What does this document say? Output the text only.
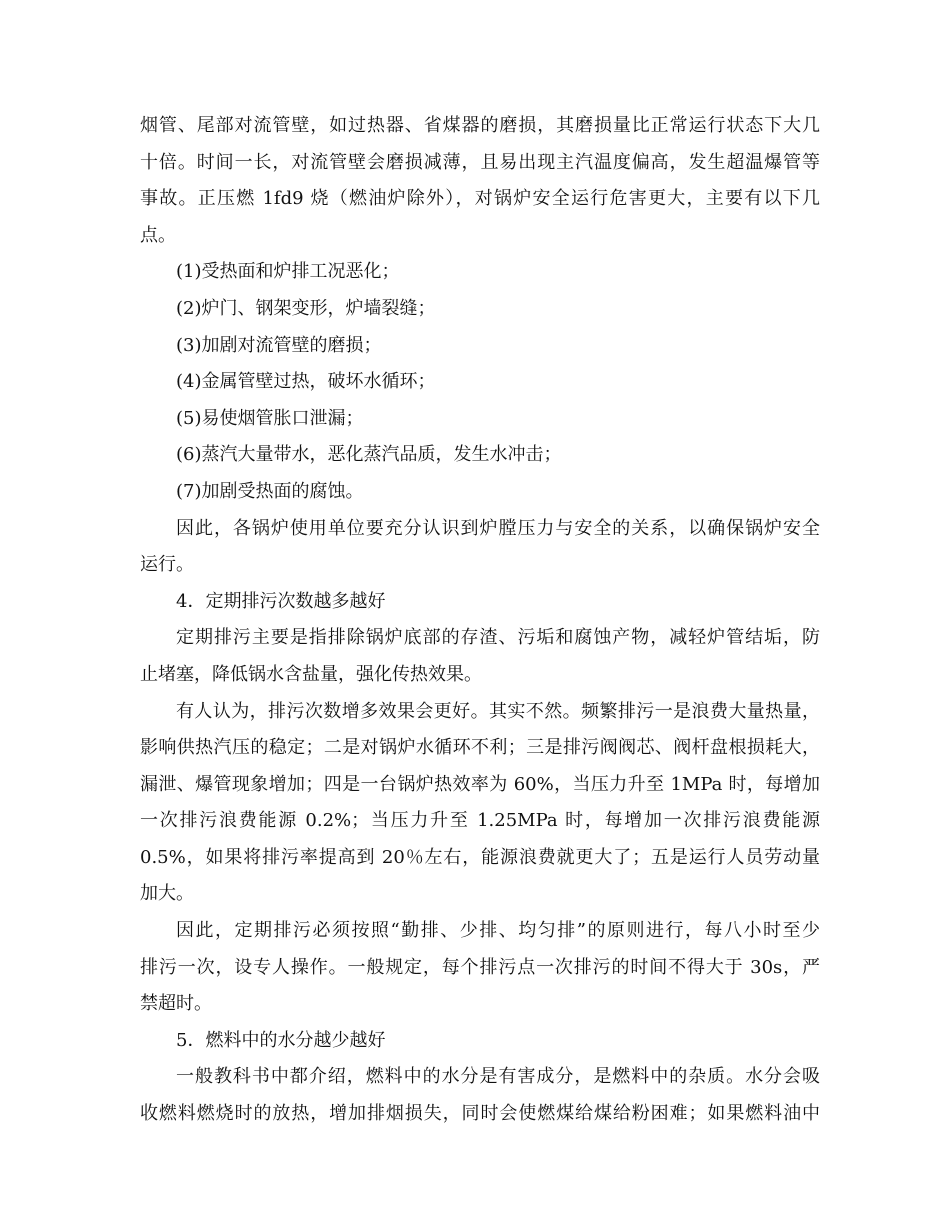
烟管、尾部对流管壁，如过热器、省煤器的磨损，其磨损量比正常运行状态下大几
十倍。时间一长，对流管壁会磨损减薄，且易出现主汽温度偏高，发生超温爆管等
事故。正压燃 1fd9 烧（燃油炉除外），对锅炉安全运行危害更大，主要有以下几
点。
(1)受热面和炉排工况恶化；
(2)炉门、钢架变形，炉墙裂缝；
(3)加剧对流管壁的磨损；
(4)金属管壁过热，破坏水循环；
(5)易使烟管胀口泄漏；
(6)蒸汽大量带水，恶化蒸汽品质，发生水冲击；
(7)加剧受热面的腐蚀。
因此，各锅炉使用单位要充分认识到炉膛压力与安全的关系，以确保锅炉安全
运行。
4．定期排污次数越多越好
定期排污主要是指排除锅炉底部的存渣、污垢和腐蚀产物，减轻炉管结垢，防
止堵塞，降低锅水含盐量，强化传热效果。
有人认为，排污次数增多效果会更好。其实不然。频繁排污一是浪费大量热量，
影响供热汽压的稳定；二是对锅炉水循环不利；三是排污阀阀芯、阀杆盘根损耗大，
漏泄、爆管现象增加；四是一台锅炉热效率为 60%，当压力升至 1MPa 时，每增加
一次排污浪费能源 0.2%；当压力升至 1.25MPa 时，每增加一次排污浪费能源
0.5%，如果将排污率提高到 20％左右，能源浪费就更大了；五是运行人员劳动量
加大。
因此，定期排污必须按照“勤排、少排、均匀排”的原则进行，每八小时至少
排污一次，设专人操作。一般规定，每个排污点一次排污的时间不得大于 30s，严
禁超时。
5．燃料中的水分越少越好
一般教科书中都介绍，燃料中的水分是有害成分，是燃料中的杂质。水分会吸
收燃料燃烧时的放热，增加排烟损失，同时会使燃煤给煤给粉困难；如果燃料油中
